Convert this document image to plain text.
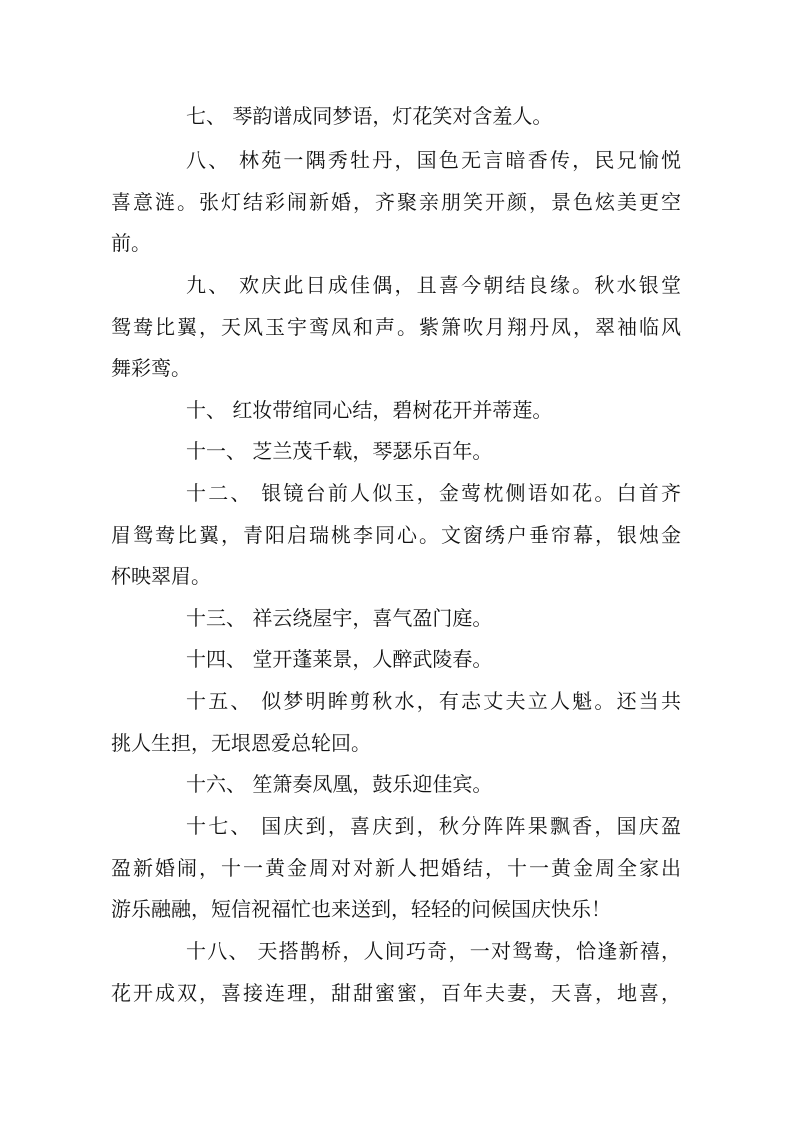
七、 琴韵谱成同梦语，灯花笑对含羞人。
八、 林苑一隅秀牡丹，国色无言暗香传，民兄愉悦
喜意涟。张灯结彩闹新婚，齐聚亲朋笑开颜，景色炫美更空
前。
九、 欢庆此日成佳偶，且喜今朝结良缘。秋水银堂
鸳鸯比翼，天风玉宇鸾凤和声。紫箫吹月翔丹凤，翠袖临风
舞彩鸾。
十、 红妆带绾同心结，碧树花开并蒂莲。
十一、 芝兰茂千载，琴瑟乐百年。
十二、 银镜台前人似玉，金莺枕侧语如花。白首齐
眉鸳鸯比翼，青阳启瑞桃李同心。文窗绣户垂帘幕，银烛金
杯映翠眉。
十三、 祥云绕屋宇，喜气盈门庭。
十四、 堂开蓬莱景，人醉武陵春。
十五、 似梦明眸剪秋水，有志丈夫立人魁。还当共
挑人生担，无垠恩爱总轮回。
十六、 笙箫奏凤凰，鼓乐迎佳宾。
十七、 国庆到，喜庆到，秋分阵阵果飘香，国庆盈
盈新婚闹，十一黄金周对对新人把婚结，十一黄金周全家出
游乐融融，短信祝福忙也来送到，轻轻的问候国庆快乐！
十八、 天搭鹊桥，人间巧奇，一对鸳鸯，恰逢新禧，
花开成双，喜接连理，甜甜蜜蜜，百年夫妻，天喜，地喜，
